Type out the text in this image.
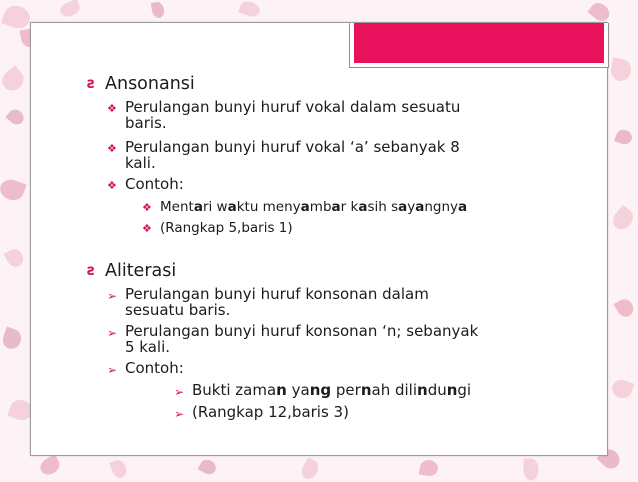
ƨ Ansonansi
❖ Perulangan bunyi huruf vokal dalam sesuatu
baris.
❖ Perulangan bunyi huruf vokal ‘a’ sebanyak 8
kali.
❖ Contoh:
❖ Mentari waktu menyambar kasih sayangnya
❖ (Rangkap 5,baris 1)
ƨ Aliterasi
➢ Perulangan bunyi huruf konsonan dalam
sesuatu baris.
➢ Perulangan bunyi huruf konsonan ‘n; sebanyak
5 kali.
➢ Contoh:
➢ Bukti zaman yang pernah dilindungi
➢ (Rangkap 12,baris 3)
